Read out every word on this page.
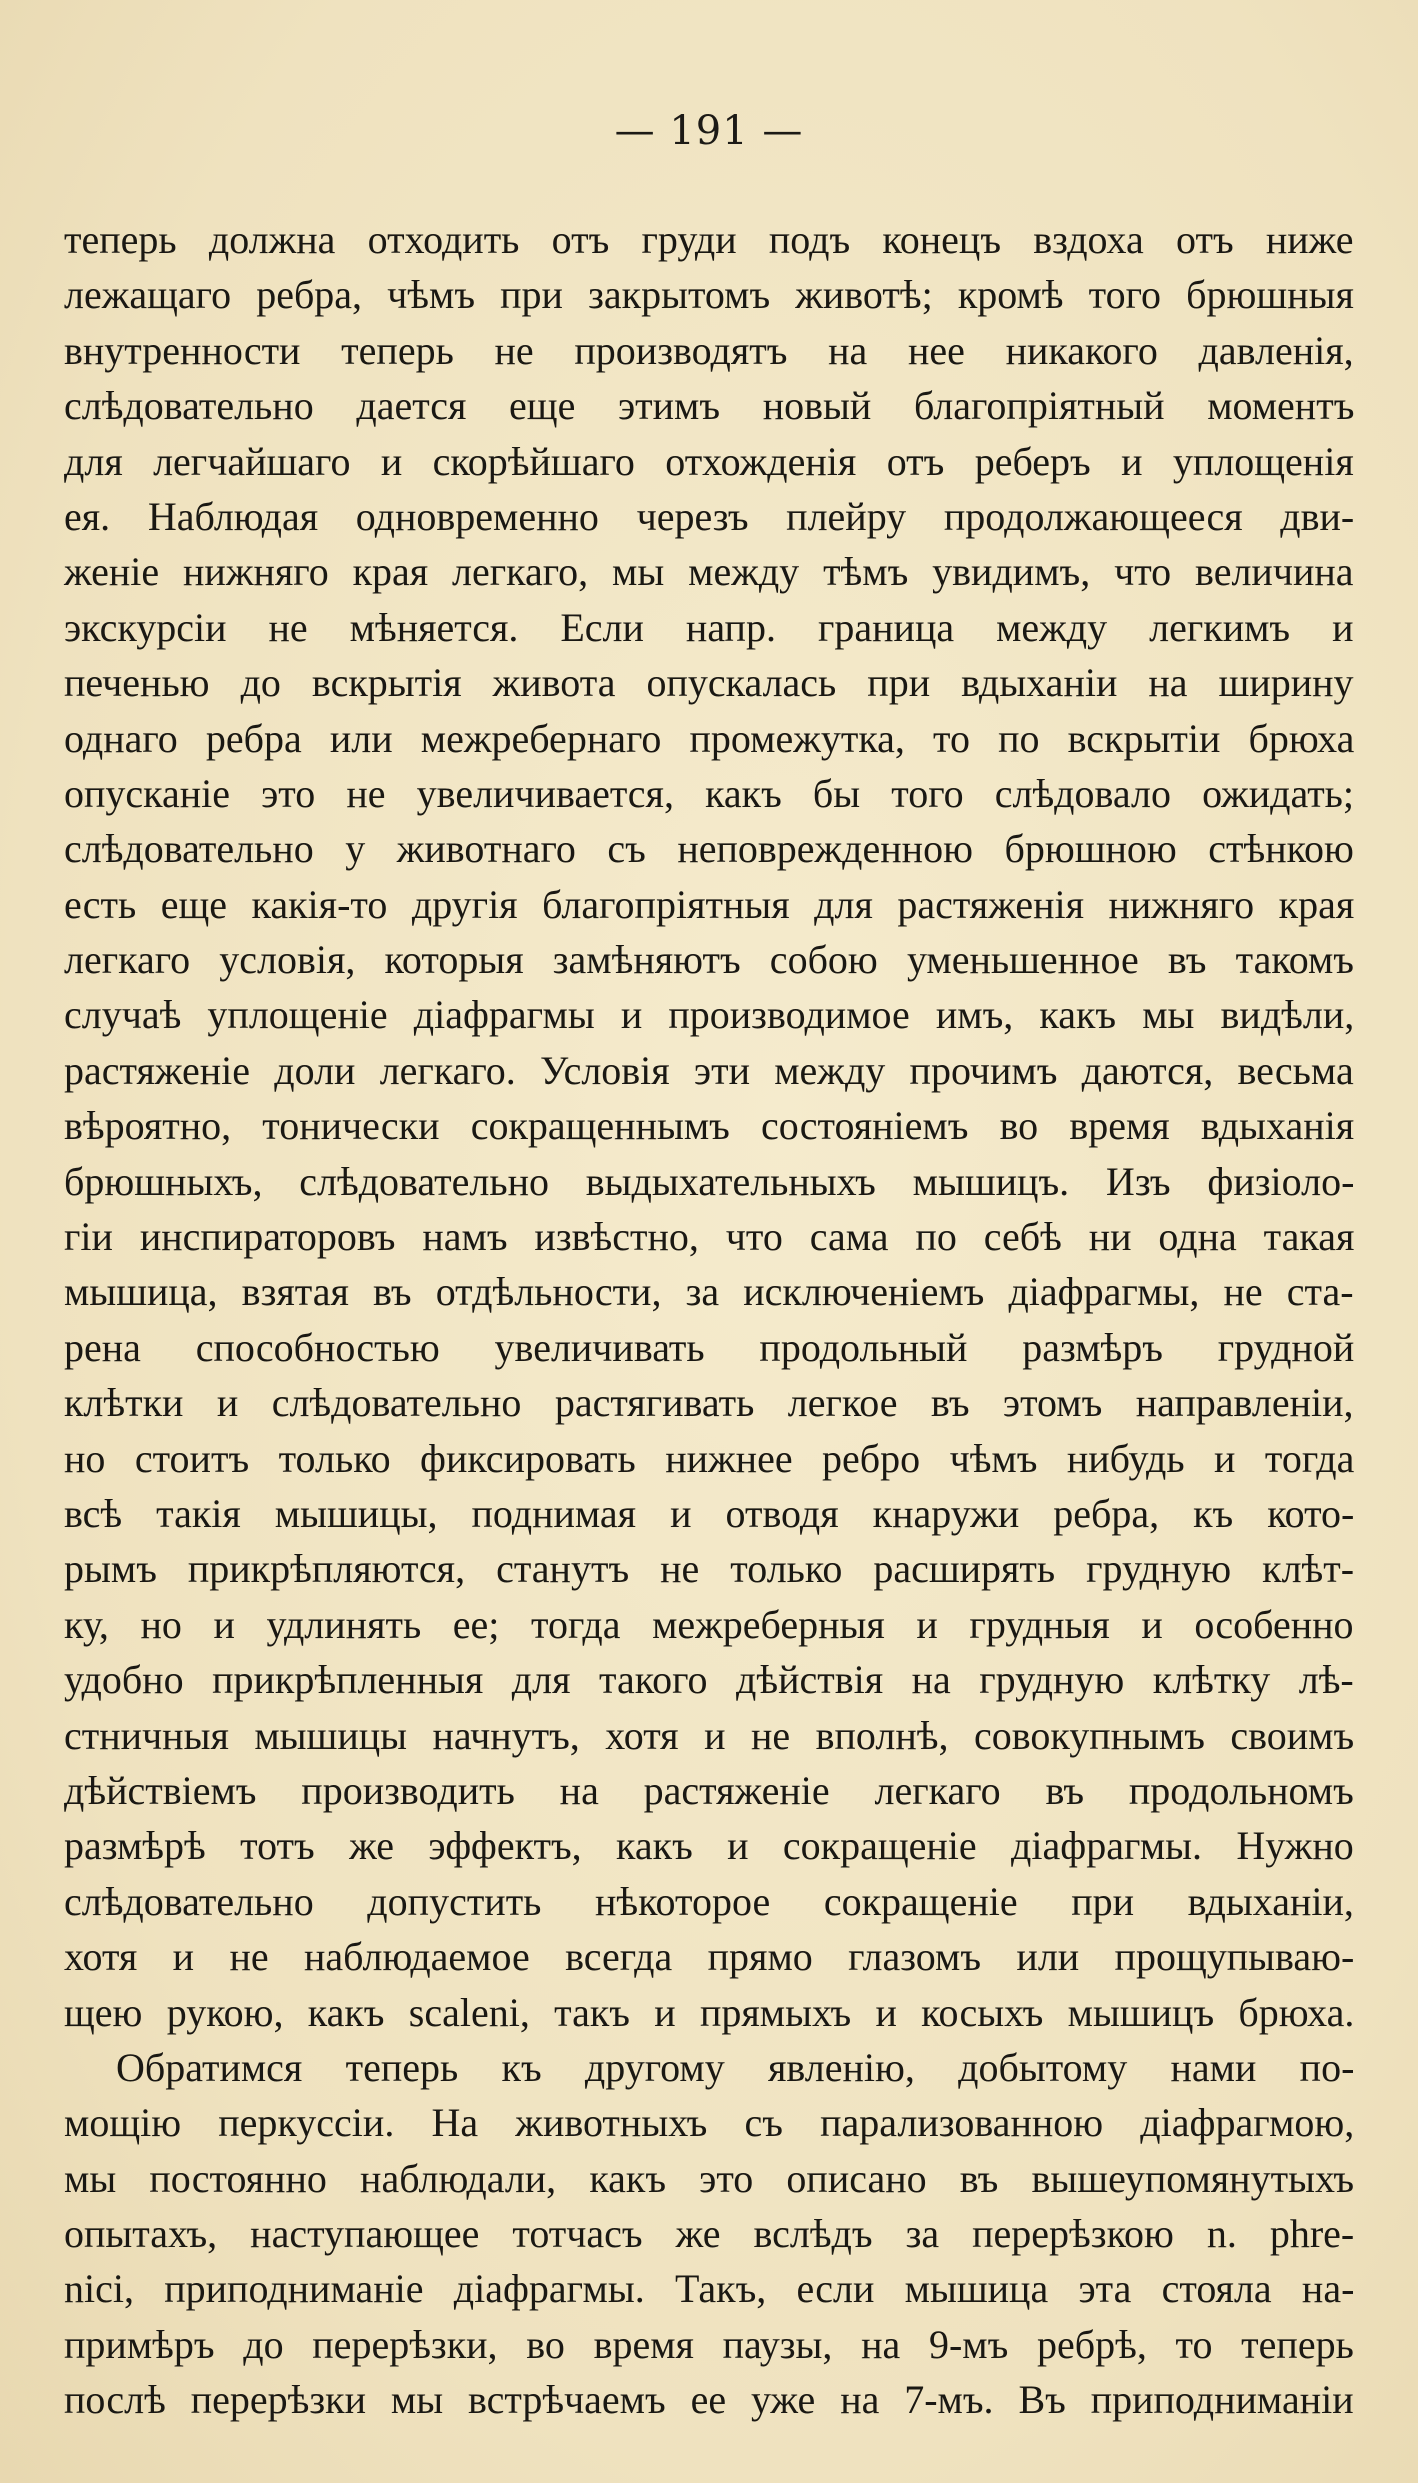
— 191 —
теперь должна отходить отъ груди подъ конецъ вздоха отъ ниже
лежащаго ребра, чѣмъ при закрытомъ животѣ; кромѣ того брюшныя
внутренности теперь не производятъ на нее никакого давленія,
слѣдовательно дается еще этимъ новый благопріятный моментъ
для легчайшаго и скорѣйшаго отхожденія отъ реберъ и уплощенія
ея. Наблюдая одновременно черезъ плейру продолжающееся дви-
женіе нижняго края легкаго, мы между тѣмъ увидимъ, что величина
экскурсіи не мѣняется. Если напр. граница между легкимъ и
печенью до вскрытія живота опускалась при вдыханіи на ширину
однаго ребра или межребернаго промежутка, то по вскрытіи брюха
опусканіе это не увеличивается, какъ бы того слѣдовало ожидать;
слѣдовательно у животнаго съ неповрежденною брюшною стѣнкою
есть еще какія-то другія благопріятныя для растяженія нижняго края
легкаго условія, которыя замѣняютъ собою уменьшенное въ такомъ
случаѣ уплощеніе діафрагмы и производимое имъ, какъ мы видѣли,
растяженіе доли легкаго. Условія эти между прочимъ даются, весьма
вѣроятно, тонически сокращеннымъ состояніемъ во время вдыханія
брюшныхъ, слѣдовательно выдыхательныхъ мышицъ. Изъ физіоло-
гіи инспираторовъ намъ извѣстно, что сама по себѣ ни одна такая
мышица, взятая въ отдѣльности, за исключеніемъ діафрагмы, не ста-
рена способностью увеличивать продольный размѣръ грудной
клѣтки и слѣдовательно растягивать легкое въ этомъ направленіи,
но стоитъ только фиксировать нижнее ребро чѣмъ нибудь и тогда
всѣ такія мышицы, поднимая и отводя кнаружи ребра, къ кото-
рымъ прикрѣпляются, станутъ не только расширять грудную клѣт-
ку, но и удлинять ее; тогда межреберныя и грудныя и особенно
удобно прикрѣпленныя для такого дѣйствія на грудную клѣтку лѣ-
стничныя мышицы начнутъ, хотя и не вполнѣ, совокупнымъ своимъ
дѣйствіемъ производить на растяженіе легкаго въ продольномъ
размѣрѣ тотъ же эффектъ, какъ и сокращеніе діафрагмы. Нужно
слѣдовательно допустить нѣкоторое сокращеніе при вдыханіи,
хотя и не наблюдаемое всегда прямо глазомъ или прощупываю-
щею рукою, какъ scaleni, такъ и прямыхъ и косыхъ мышицъ брюха.
Обратимся теперь къ другому явленію, добытому нами по-
мощію перкуссіи. На животныхъ съ парализованною діафрагмою,
мы постоянно наблюдали, какъ это описано въ вышеупомянутыхъ
опытахъ, наступающее тотчасъ же вслѣдъ за перерѣзкою n. phre-
nici, приподниманіе діафрагмы. Такъ, если мышица эта стояла на-
примѣръ до перерѣзки, во время паузы, на 9-мъ ребрѣ, то теперь
послѣ перерѣзки мы встрѣчаемъ ее уже на 7-мъ. Въ приподниманіи
